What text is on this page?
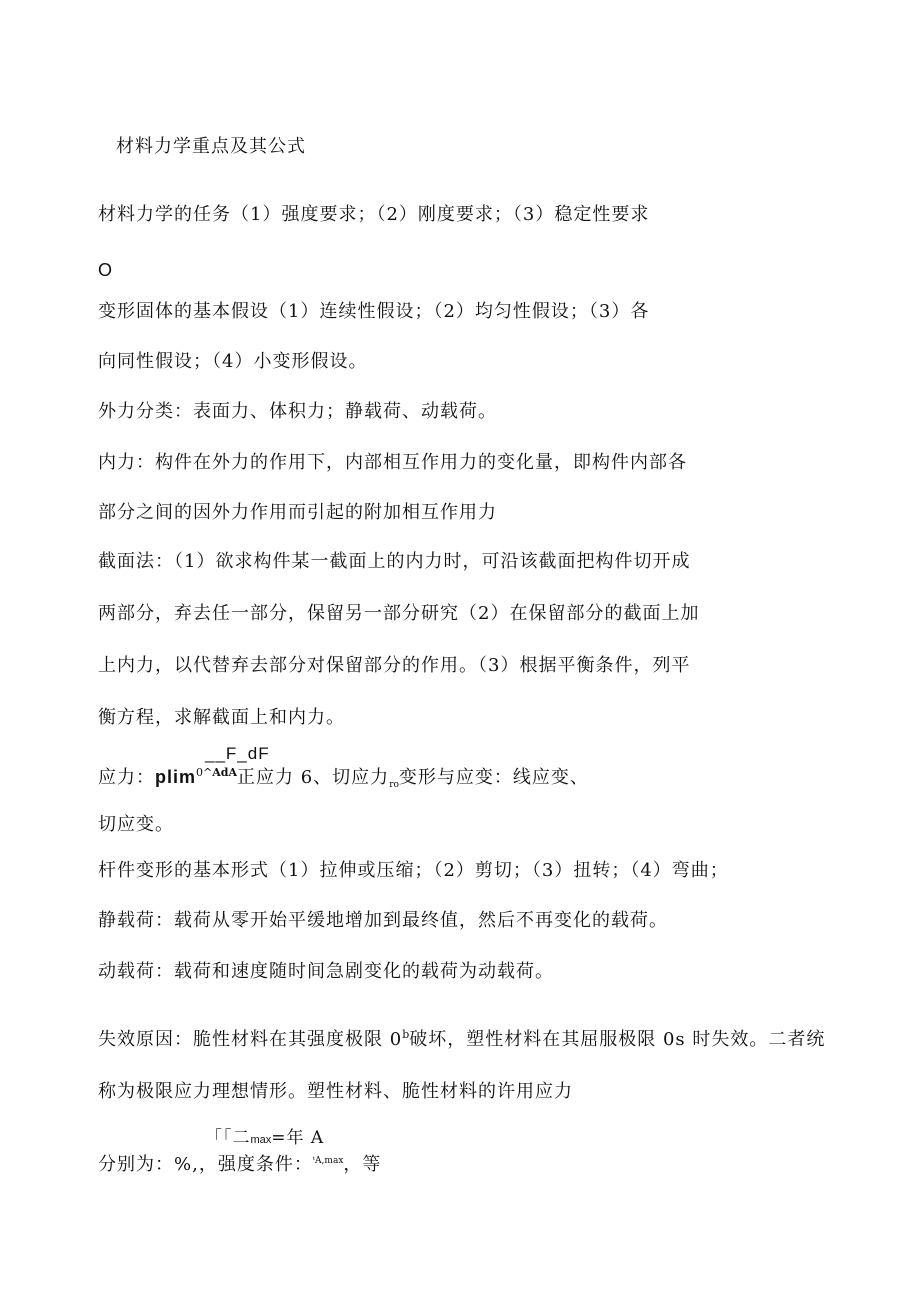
材料力学重点及其公式
材料力学的任务（1）强度要求；（2）刚度要求；（3）稳定性要求
O
变形固体的基本假设（1）连续性假设；（2）均匀性假设；（3）各
向同性假设；（4）小变形假设。
外力分类：表面力、体积力；静载荷、动载荷。
内力：构件在外力的作用下，内部相互作用力的变化量，即构件内部各
部分之间的因外力作用而引起的附加相互作用力
截面法：（1）欲求构件某一截面上的内力时，可沿该截面把构件切开成
两部分，弃去任一部分，保留另一部分研究（2）在保留部分的截面上加
上内力，以代替弃去部分对保留部分的作用。（3）根据平衡条件，列平
衡方程，求解截面上和内力。
__F_dF
应力：plim$^{0\^{}AdA}$正应力 6、切应力$_{ro}$变形与应变：线应变、
切应变。
杆件变形的基本形式（1）拉伸或压缩；（2）剪切；（3）扭转；（4）弯曲；
静载荷：载荷从零开始平缓地增加到最终值，然后不再变化的载荷。
动载荷：载荷和速度随时间急剧变化的载荷为动载荷。
失效原因：脆性材料在其强度极限 0$^b$破坏，塑性材料在其屈服极限 0s 时失效。二者统
称为极限应力理想情形。塑性材料、脆性材料的许用应力
「「二max=年 A
分别为：%,，强度条件：$^{ᵗA,max}$，等
